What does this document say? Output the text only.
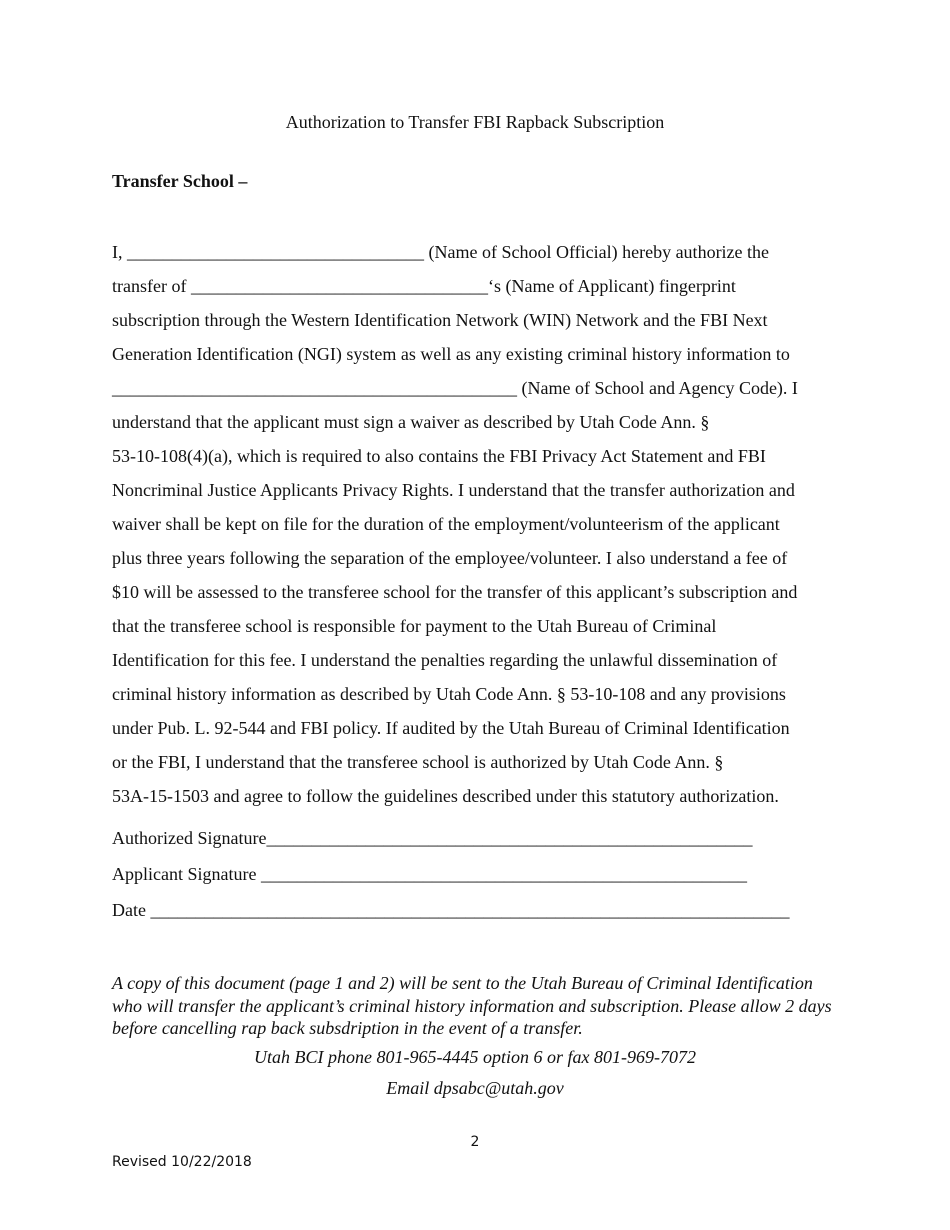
Authorization to Transfer FBI Rapback Subscription
Transfer School –
I, _________________________________ (Name of School Official) hereby authorize the
transfer of _________________________________‘s (Name of Applicant) fingerprint
subscription through the Western Identification Network (WIN) Network and the FBI Next
Generation Identification (NGI) system as well as any existing criminal history information to
_____________________________________________ (Name of School and Agency Code). I
understand that the applicant must sign a waiver as described by Utah Code Ann. §
53-10-108(4)(a), which is required to also contains the FBI Privacy Act Statement and FBI
Noncriminal Justice Applicants Privacy Rights. I understand that the transfer authorization and
waiver shall be kept on file for the duration of the employment/volunteerism of the applicant
plus three years following the separation of the employee/volunteer. I also understand a fee of
$10 will be assessed to the transferee school for the transfer of this applicant’s subscription and
that the transferee school is responsible for payment to the Utah Bureau of Criminal
Identification for this fee. I understand the penalties regarding the unlawful dissemination of
criminal history information as described by Utah Code Ann. § 53-10-108 and any provisions
under Pub. L. 92-544 and FBI policy. If audited by the Utah Bureau of Criminal Identification
or the FBI, I understand that the transferee school is authorized by Utah Code Ann. §
53A-15-1503 and agree to follow the guidelines described under this statutory authorization.
Authorized Signature______________________________________________________
Applicant Signature ______________________________________________________
Date _______________________________________________________________________
A copy of this document (page 1 and 2) will be sent to the Utah Bureau of Criminal Identification who will transfer the applicant’s criminal history information and subscription. Please allow 2 days before cancelling rap back subsdription in the event of a transfer.
Utah BCI phone 801-965-4445 option 6 or fax 801-969-7072
Email dpsabc@utah.gov
2
Revised 10/22/2018
